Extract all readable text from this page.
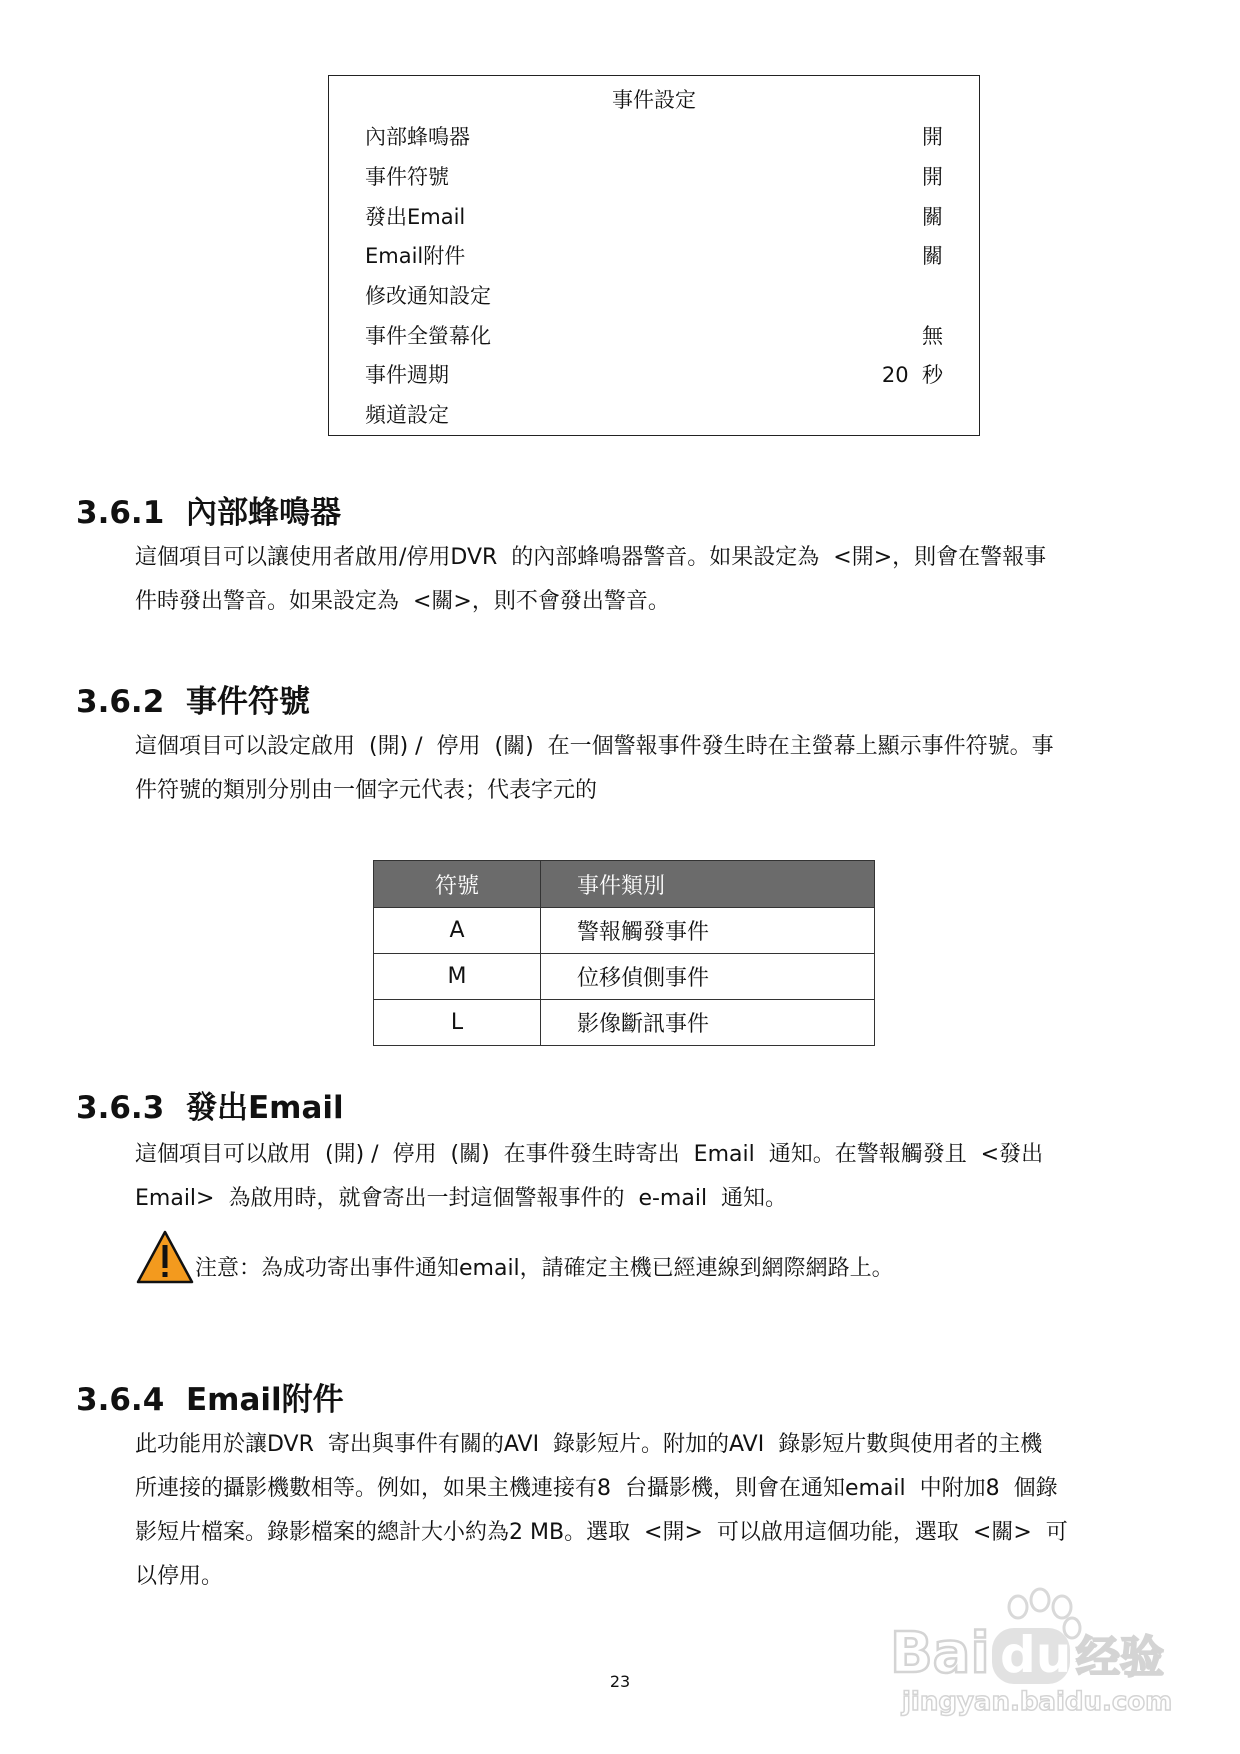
事件設定
內部蜂鳴器	開
事件符號	開
發出Email	關
Email附件	關
修改通知設定
事件全螢幕化	無
事件週期	20  秒
頻道設定
3.6.1 內部蜂鳴器
這個項目可以讓使用者啟用/停用DVR  的內部蜂鳴器警音。如果設定為  <開>，則會在警報事
件時發出警音。如果設定為  <關>，則不會發出警音。
3.6.2 事件符號
這個項目可以設定啟用  (開) /  停用  (關)  在一個警報事件發生時在主螢幕上顯示事件符號。事
件符號的類別分別由一個字元代表；代表字元的
符號	事件類別
A	警報觸發事件
M	位移偵側事件
L	影像斷訊事件
3.6.3 發出Email
這個項目可以啟用  (開) /  停用  (關)  在事件發生時寄出  Email  通知。在警報觸發且  <發出
Email>  為啟用時，就會寄出一封這個警報事件的  e-mail  通知。
注意：為成功寄出事件通知email，請確定主機已經連線到網際網路上。
3.6.4 Email附件
此功能用於讓DVR  寄出與事件有關的AVI  錄影短片。附加的AVI  錄影短片數與使用者的主機
所連接的攝影機數相等。例如，如果主機連接有8  台攝影機，則會在通知email  中附加8  個錄
影短片檔案。錄影檔案的總計大小約為2 MB。選取  <開>  可以啟用這個功能，選取  <關>  可
以停用。
23	Bai du 经验
jingyan.baidu.com
